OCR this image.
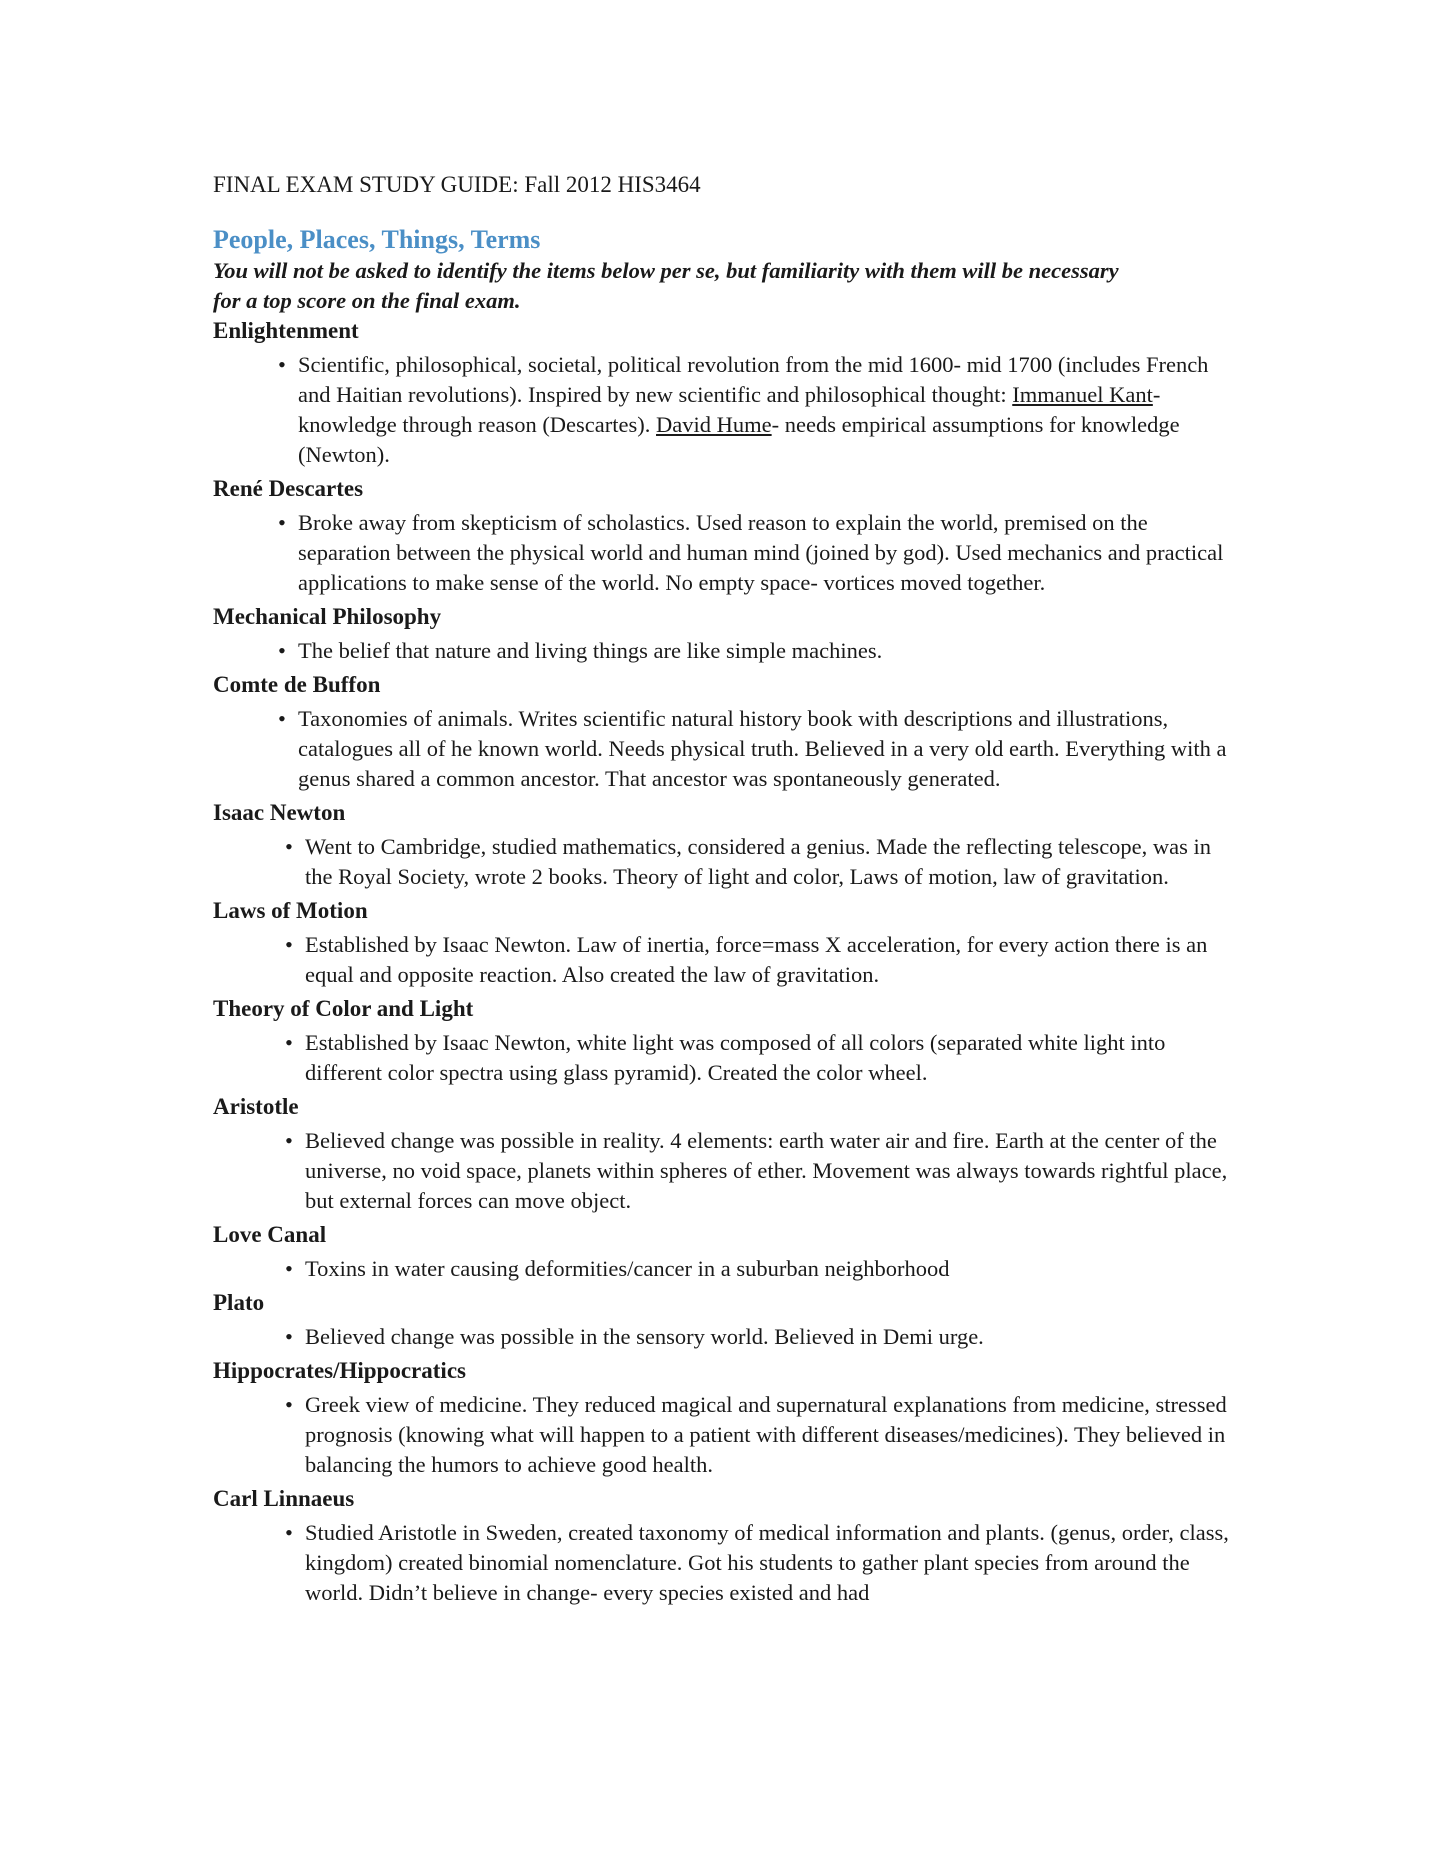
FINAL EXAM STUDY GUIDE: Fall 2012 HIS3464
People, Places, Things, Terms

You will not be asked to identify the items below per se, but familiarity with them will be necessary for a top score on the final exam.

Enlightenment

• Scientific, philosophical, societal, political revolution from the mid 1600- mid 1700 (includes French and Haitian revolutions). Inspired by new scientific and philosophical thought: Immanuel Kant- knowledge through reason (Descartes). David Hume- needs empirical assumptions for knowledge (Newton).

René Descartes

• Broke away from skepticism of scholastics. Used reason to explain the world, premised on the separation between the physical world and human mind (joined by god). Used mechanics and practical applications to make sense of the world. No empty space- vortices moved together.

Mechanical Philosophy

• The belief that nature and living things are like simple machines.

Comte de Buffon

• Taxonomies of animals. Writes scientific natural history book with descriptions and illustrations, catalogues all of he known world. Needs physical truth. Believed in a very old earth. Everything with a genus shared a common ancestor. That ancestor was spontaneously generated.

Isaac Newton

• Went to Cambridge, studied mathematics, considered a genius. Made the reflecting telescope, was in the Royal Society, wrote 2 books. Theory of light and color, Laws of motion, law of gravitation.

Laws of Motion

• Established by Isaac Newton. Law of inertia, force=mass X acceleration, for every action there is an equal and opposite reaction. Also created the law of gravitation.

Theory of Color and Light

• Established by Isaac Newton, white light was composed of all colors (separated white light into different color spectra using glass pyramid). Created the color wheel.

Aristotle

• Believed change was possible in reality. 4 elements: earth water air and fire. Earth at the center of the universe, no void space, planets within spheres of ether. Movement was always towards rightful place, but external forces can move object.

Love Canal

• Toxins in water causing deformities/cancer in a suburban neighborhood

Plato

• Believed change was possible in the sensory world. Believed in Demi urge.

Hippocrates/Hippocratics

• Greek view of medicine. They reduced magical and supernatural explanations from medicine, stressed prognosis (knowing what will happen to a patient with different diseases/medicines). They believed in balancing the humors to achieve good health.

Carl Linnaeus

• Studied Aristotle in Sweden, created taxonomy of medical information and plants. (genus, order, class, kingdom) created binomial nomenclature. Got his students to gather plant species from around the world. Didn’t believe in change- every species existed and had
